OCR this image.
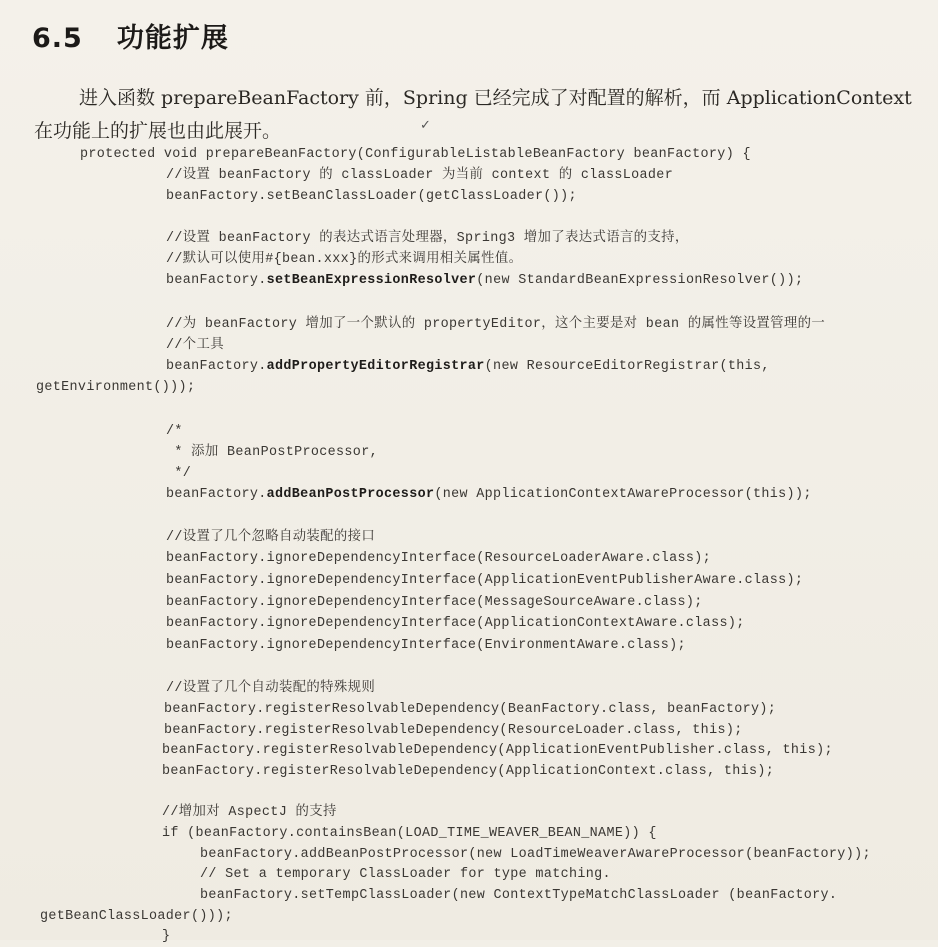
6.5 功能扩展

进入函数 prepareBeanFactory 前，Spring 已经完成了对配置的解析，而 ApplicationContext 在功能上的扩展也由此展开。	✓
protected void prepareBeanFactory(ConfigurableListableBeanFactory beanFactory) {
//设置 beanFactory 的 classLoader 为当前 context 的 classLoader
beanFactory.setBeanClassLoader(getClassLoader());
//设置 beanFactory 的表达式语言处理器，Spring3 增加了表达式语言的支持，
//默认可以使用#{bean.xxx}的形式来调用相关属性值。
beanFactory.setBeanExpressionResolver(new StandardBeanExpressionResolver());
//为 beanFactory 增加了一个默认的 propertyEditor，这个主要是对 bean 的属性等设置管理的一
//个工具
beanFactory.addPropertyEditorRegistrar(new ResourceEditorRegistrar(this,
getEnvironment()));
/*
* 添加 BeanPostProcessor,
*/
beanFactory.addBeanPostProcessor(new ApplicationContextAwareProcessor(this));
//设置了几个忽略自动装配的接口
beanFactory.ignoreDependencyInterface(ResourceLoaderAware.class);
beanFactory.ignoreDependencyInterface(ApplicationEventPublisherAware.class);
beanFactory.ignoreDependencyInterface(MessageSourceAware.class);
beanFactory.ignoreDependencyInterface(ApplicationContextAware.class);
beanFactory.ignoreDependencyInterface(EnvironmentAware.class);
//设置了几个自动装配的特殊规则
beanFactory.registerResolvableDependency(BeanFactory.class, beanFactory);
beanFactory.registerResolvableDependency(ResourceLoader.class, this);
beanFactory.registerResolvableDependency(ApplicationEventPublisher.class, this);
beanFactory.registerResolvableDependency(ApplicationContext.class, this);
//增加对 AspectJ 的支持
if (beanFactory.containsBean(LOAD_TIME_WEAVER_BEAN_NAME)) {
beanFactory.addBeanPostProcessor(new LoadTimeWeaverAwareProcessor(beanFactory));
// Set a temporary ClassLoader for type matching.
beanFactory.setTempClassLoader(new ContextTypeMatchClassLoader (beanFactory.
getBeanClassLoader()));
}
